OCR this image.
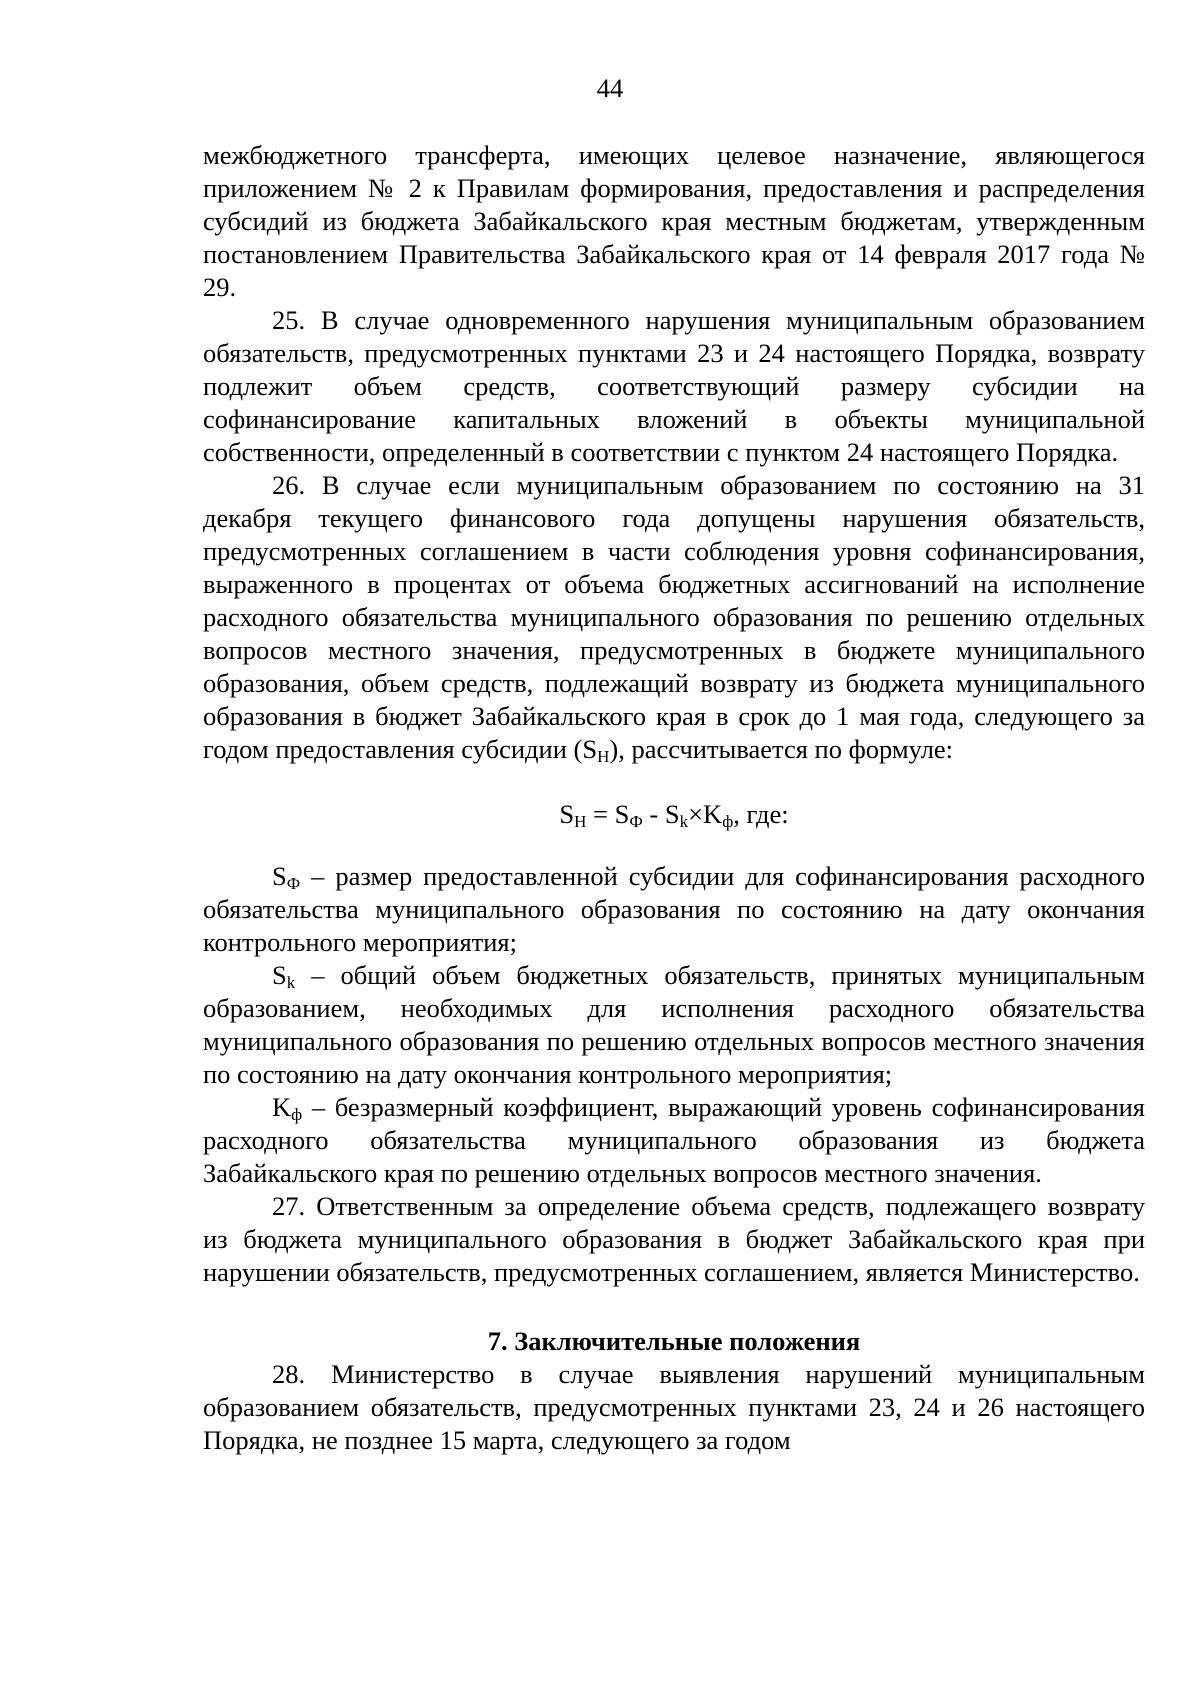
44

межбюджетного трансферта, имеющих целевое назначение, являющегося приложением № 2 к Правилам формирования, предоставления и распределения субсидий из бюджета Забайкальского края местным бюджетам, утвержденным постановлением Правительства Забайкальского края от 14 февраля 2017 года № 29.

25. В случае одновременного нарушения муниципальным образованием обязательств, предусмотренных пунктами 23 и 24 настоящего Порядка, возврату подлежит объем средств, соответствующий размеру субсидии на софинансирование капитальных вложений в объекты муниципальной собственности, определенный в соответствии с пунктом 24 настоящего Порядка.

26. В случае если муниципальным образованием по состоянию на 31 декабря текущего финансового года допущены нарушения обязательств, предусмотренных соглашением в части соблюдения уровня софинансирования, выраженного в процентах от объема бюджетных ассигнований на исполнение расходного обязательства муниципального образования по решению отдельных вопросов местного значения, предусмотренных в бюджете муниципального образования, объем средств, подлежащий возврату из бюджета муниципального образования в бюджет Забайкальского края в срок до 1 мая года, следующего за годом предоставления субсидии $(S_Н)$, рассчитывается по формуле:

$S_Н = S_Ф - S_k\times K_ф$, где:

$S_Ф$ – размер предоставленной субсидии для софинансирования расходного обязательства муниципального образования по состоянию на дату окончания контрольного мероприятия;

$S_k$ – общий объем бюджетных обязательств, принятых муниципальным образованием, необходимых для исполнения расходного обязательства муниципального образования по решению отдельных вопросов местного значения по состоянию на дату окончания контрольного мероприятия;

$K_ф$ – безразмерный коэффициент, выражающий уровень софинансирования расходного обязательства муниципального образования из бюджета Забайкальского края по решению отдельных вопросов местного значения.

27. Ответственным за определение объема средств, подлежащего возврату из бюджета муниципального образования в бюджет Забайкальского края при нарушении обязательств, предусмотренных соглашением, является Министерство.

7. Заключительные положения

28. Министерство в случае выявления нарушений муниципальным образованием обязательств, предусмотренных пунктами 23, 24 и 26 настоящего Порядка, не позднее 15 марта, следующего за годом
